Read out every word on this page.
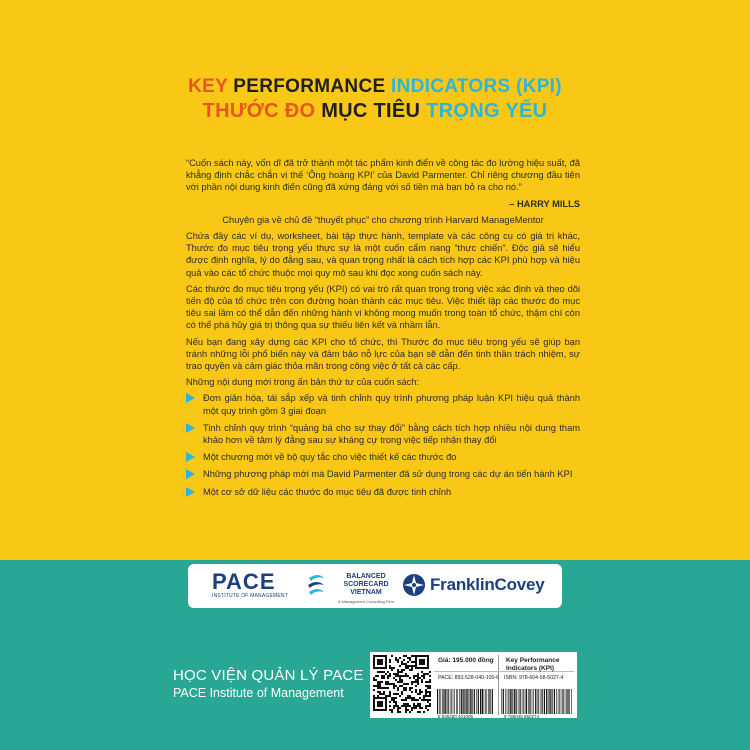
KEY PERFORMANCE INDICATORS (KPI)
THƯỚC ĐO MỤC TIÊU TRỌNG YẾU

“Cuốn sách này, vốn dĩ đã trở thành một tác phẩm kinh điển về công tác đo lường hiệu suất, đã khẳng định chắc chắn vị thế ‘Ông hoàng KPI’ của David Parmenter. Chỉ riêng chương đầu tiên với phần nội dung kinh điển cũng đã xứng đáng với số tiền mà bạn bỏ ra cho nó.”

– HARRY MILLS

Chuyên gia về chủ đề “thuyết phục” cho chương trình Harvard ManageMentor

Chứa đầy các ví dụ, worksheet, bài tập thực hành, template và các công cụ có giá trị khác, Thước đo mục tiêu trọng yếu thực sự là một cuốn cẩm nang “thực chiến”. Độc giả sẽ hiểu được định nghĩa, lý do đằng sau, và quan trọng nhất là cách tích hợp các KPI phù hợp và hiệu quả vào các tổ chức thuộc mọi quy mô sau khi đọc xong cuốn sách này.

Các thước đo mục tiêu trọng yếu (KPI) có vai trò rất quan trọng trong việc xác định và theo dõi tiến độ của tổ chức trên con đường hoàn thành các mục tiêu. Việc thiết lập các thước đo mục tiêu sai lầm có thể dẫn đến những hành vi không mong muốn trong toàn tổ chức, thậm chí còn có thể phá hủy giá trị thông qua sự thiếu liên kết và nhầm lẫn.

Nếu bạn đang xây dựng các KPI cho tổ chức, thì Thước đo mục tiêu trọng yếu sẽ giúp bạn tránh những lỗi phổ biến này và đảm bảo nỗ lực của bạn sẽ dẫn đến tinh thần trách nhiệm, sự trao quyền và cảm giác thỏa mãn trong công việc ở tất cả các cấp.

Những nội dung mới trong ấn bản thứ tư của cuốn sách:

Đơn giản hóa, tái sắp xếp và tinh chỉnh quy trình phương pháp luận KPI hiệu quả thành một quy trình gồm 3 giai đoạn
Tinh chỉnh quy trình “quảng bá cho sự thay đổi” bằng cách tích hợp nhiều nội dung tham khảo hơn về tâm lý đằng sau sự kháng cự trong việc tiếp nhận thay đổi
Một chương mới về bộ quy tắc cho việc thiết kế các thước đo
Những phương pháp mới mà David Parmenter đã sử dụng trong các dự án tiến hành KPI
Một cơ sở dữ liệu các thước đo mục tiêu đã được tinh chỉnh
PACE
INSTITUTE OF MANAGEMENT
BALANCED
SCORECARD
VIETNAM
A Management Consulting Firm
FranklinCovey
HỌC VIỆN QUẢN LÝ PACE
PACE Institute of Management
Giá: 195.000 đồng
PACE: 893-528-040-100-6
Key Performance Indicators (KPI)
ISBN: 978-604-58-6027-4
8 935280 401006	9 786045 860274
